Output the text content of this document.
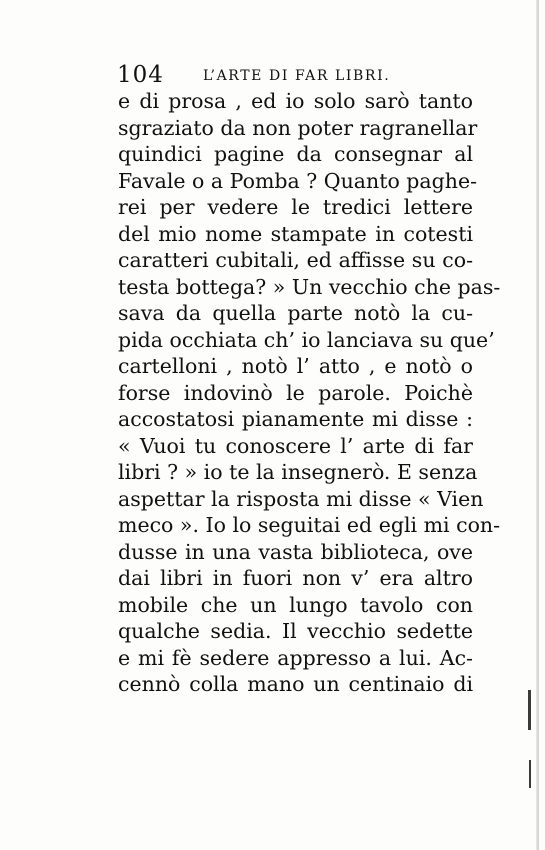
104	L’ARTE DI FAR LIBRI.
e di prosa , ed io solo sarò tanto
sgraziato da non poter ragranellar
quindici pagine da consegnar al
Favale o a Pomba ? Quanto paghe-
rei per vedere le tredici lettere
del mio nome stampate in cotesti
caratteri cubitali, ed affisse su co-
testa bottega? » Un vecchio che pas-
sava da quella parte notò la cu-
pida occhiata ch’ io lanciava su que’
cartelloni , notò l’ atto , e notò o
forse indovinò le parole. Poichè
accostatosi pianamente mi disse :
« Vuoi tu conoscere l’ arte di far
libri ? » io te la insegnerò. E senza
aspettar la risposta mi disse « Vien
meco ». Io lo seguitai ed egli mi con-
dusse in una vasta biblioteca, ove
dai libri in fuori non v’ era altro
mobile che un lungo tavolo con
qualche sedia. Il vecchio sedette
e mi fè sedere appresso a lui. Ac-
cennò colla mano un centinaio di
